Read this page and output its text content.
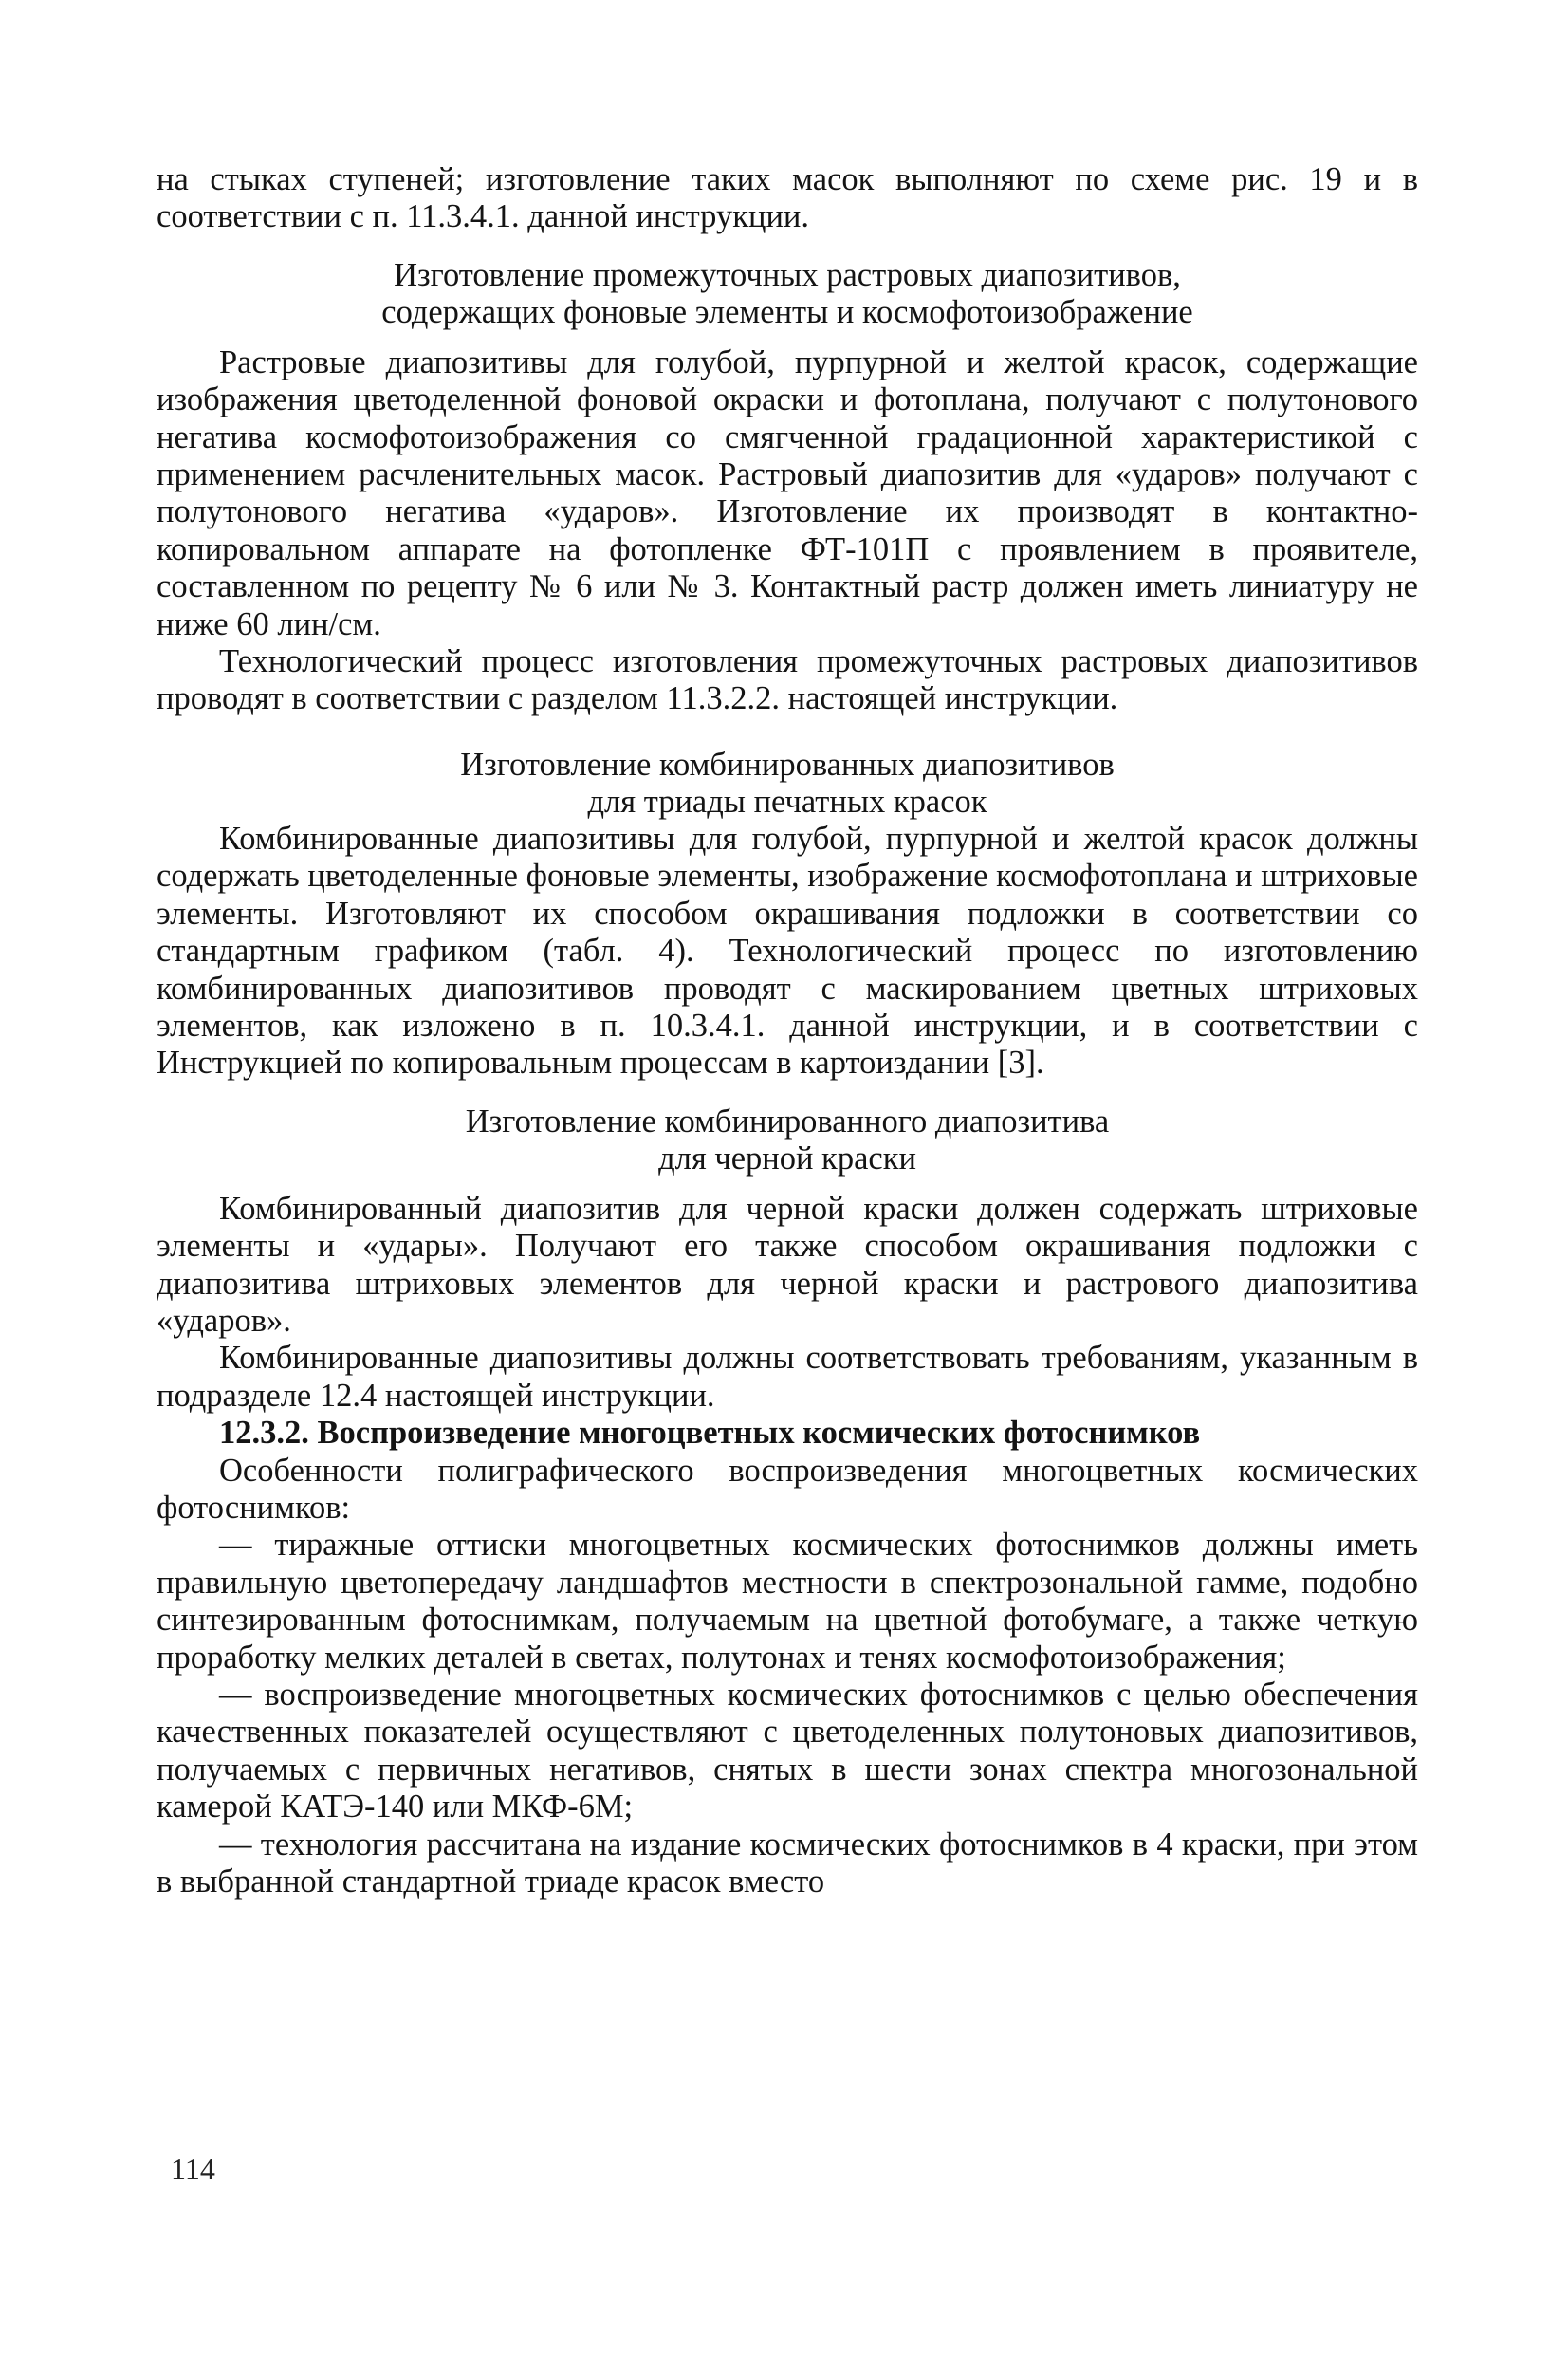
на стыках ступеней; изготовление таких масок выполняют по схеме рис. 19 и в соответствии с п. 11.3.4.1. данной инструкции.

Изготовление промежуточных растровых диапозитивов,
содержащих фоновые элементы и космофотоизображение

Растровые диапозитивы для голубой, пурпурной и желтой красок, содержащие изображения цветоделенной фоновой окраски и фотоплана, получают с полутонового негатива космофотоизображения со смягченной градационной характеристикой с применением расчленительных масок. Растровый диапозитив для «ударов» получают с полутонового негатива «ударов». Изготовление их производят в контактно-копировальном аппарате на фотопленке ФТ-101П с проявлением в проявителе, составленном по рецепту № 6 или № 3. Контактный растр должен иметь линиатуру не ниже 60 лин/см.

Технологический процесс изготовления промежуточных растровых диапозитивов проводят в соответствии с разделом 11.3.2.2. настоящей инструкции.

Изготовление комбинированных диапозитивов
для триады печатных красок

Комбинированные диапозитивы для голубой, пурпурной и желтой красок должны содержать цветоделенные фоновые элементы, изображение космофотоплана и штриховые элементы. Изготовляют их способом окрашивания подложки в соответствии со стандартным графиком (табл. 4). Технологический процесс по изготовлению комбинированных диапозитивов проводят с маскированием цветных штриховых элементов, как изложено в п. 10.3.4.1. данной инструкции, и в соответствии с Инструкцией по копировальным процессам в картоиздании [3].

Изготовление комбинированного диапозитива
для черной краски

Комбинированный диапозитив для черной краски должен содержать штриховые элементы и «удары». Получают его также способом окрашивания подложки с диапозитива штриховых элементов для черной краски и растрового диапозитива «ударов».

Комбинированные диапозитивы должны соответствовать требованиям, указанным в подразделе 12.4 настоящей инструкции.

12.3.2. Воспроизведение многоцветных космических фотоснимков

Особенности полиграфического воспроизведения многоцветных космических фотоснимков:

— тиражные оттиски многоцветных космических фотоснимков должны иметь правильную цветопередачу ландшафтов местности в спектрозональной гамме, подобно синтезированным фотоснимкам, получаемым на цветной фотобумаге, а также четкую проработку мелких деталей в светах, полутонах и тенях космофотоизображения;

— воспроизведение многоцветных космических фотоснимков с целью обеспечения качественных показателей осуществляют с цветоделенных полутоновых диапозитивов, получаемых с первичных негативов, снятых в шести зонах спектра многозональной камерой КАТЭ-140 или МКФ-6М;

— технология рассчитана на издание космических фотоснимков в 4 краски, при этом в выбранной стандартной триаде красок вместо

114
